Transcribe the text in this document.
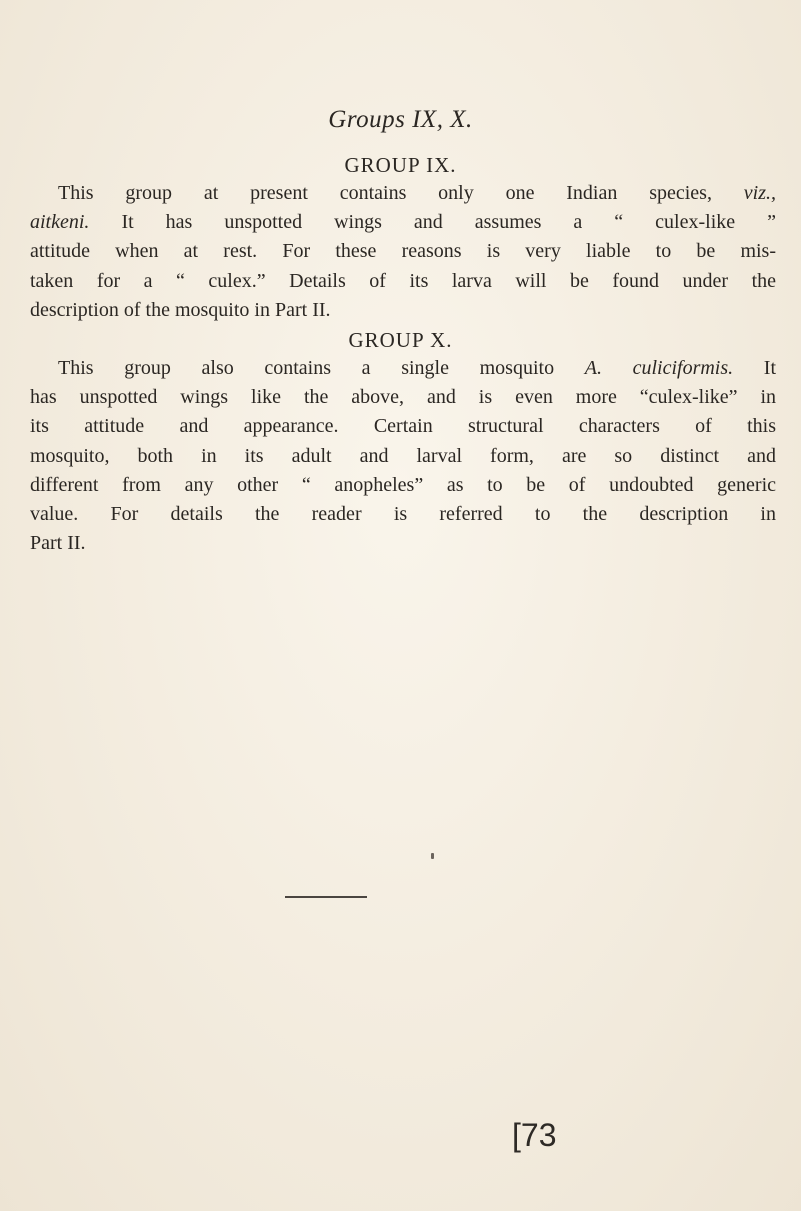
Groups IX, X.
GROUP IX.

This group at present contains only one Indian species, viz.,
aitkeni. It has unspotted wings and assumes a “ culex-like ”
attitude when at rest. For these reasons is very liable to be mis-
taken for a “ culex.” Details of its larva will be found under the
description of the mosquito in Part II.

GROUP X.

This group also contains a single mosquito A. culiciformis. It
has unspotted wings like the above, and is even more “culex-like” in
its attitude and appearance. Certain structural characters of this
mosquito, both in its adult and larval form, are so distinct and
different from any other “ anopheles” as to be of undoubted generic
value. For details the reader is referred to the description in
Part II.

[73
